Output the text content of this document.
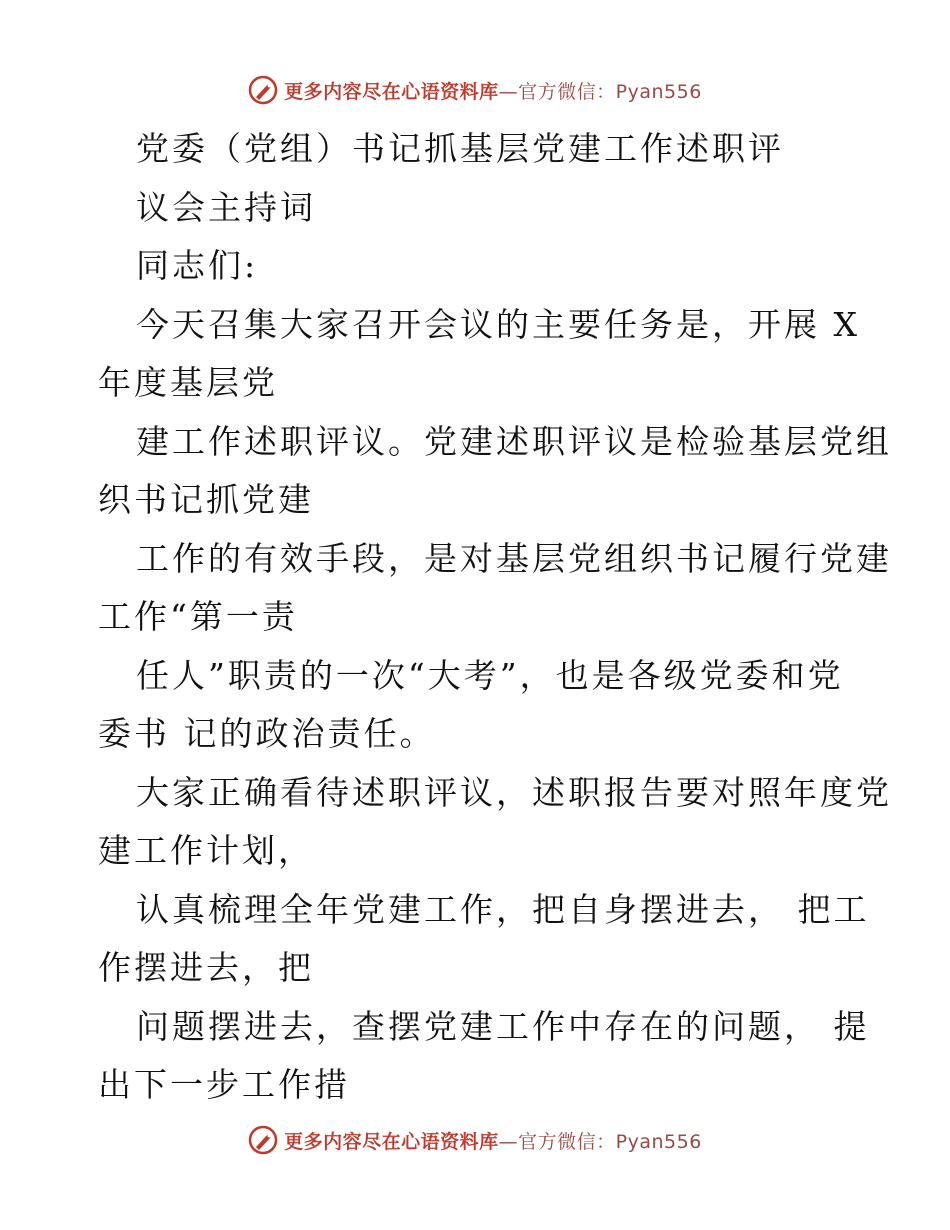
更多内容尽在心语资料库—官方微信：Pyan556
党委（党组）书记抓基层党建工作述职评
议会主持词
同志们:
今天召集大家召开会议的主要任务是，开展 X
年度基层党
建工作述职评议。党建述职评议是检验基层党组
织书记抓党建
工作的有效手段，是对基层党组织书记履行党建
工作“第一责
任人”职责的一次“大考”，也是各级党委和党
委书 记的政治责任。
大家正确看待述职评议，述职报告要对照年度党
建工作计划，
认真梳理全年党建工作，把自身摆进去， 把工
作摆进去，把
问题摆进去，查摆党建工作中存在的问题， 提
出下一步工作措
更多内容尽在心语资料库—官方微信：Pyan556
